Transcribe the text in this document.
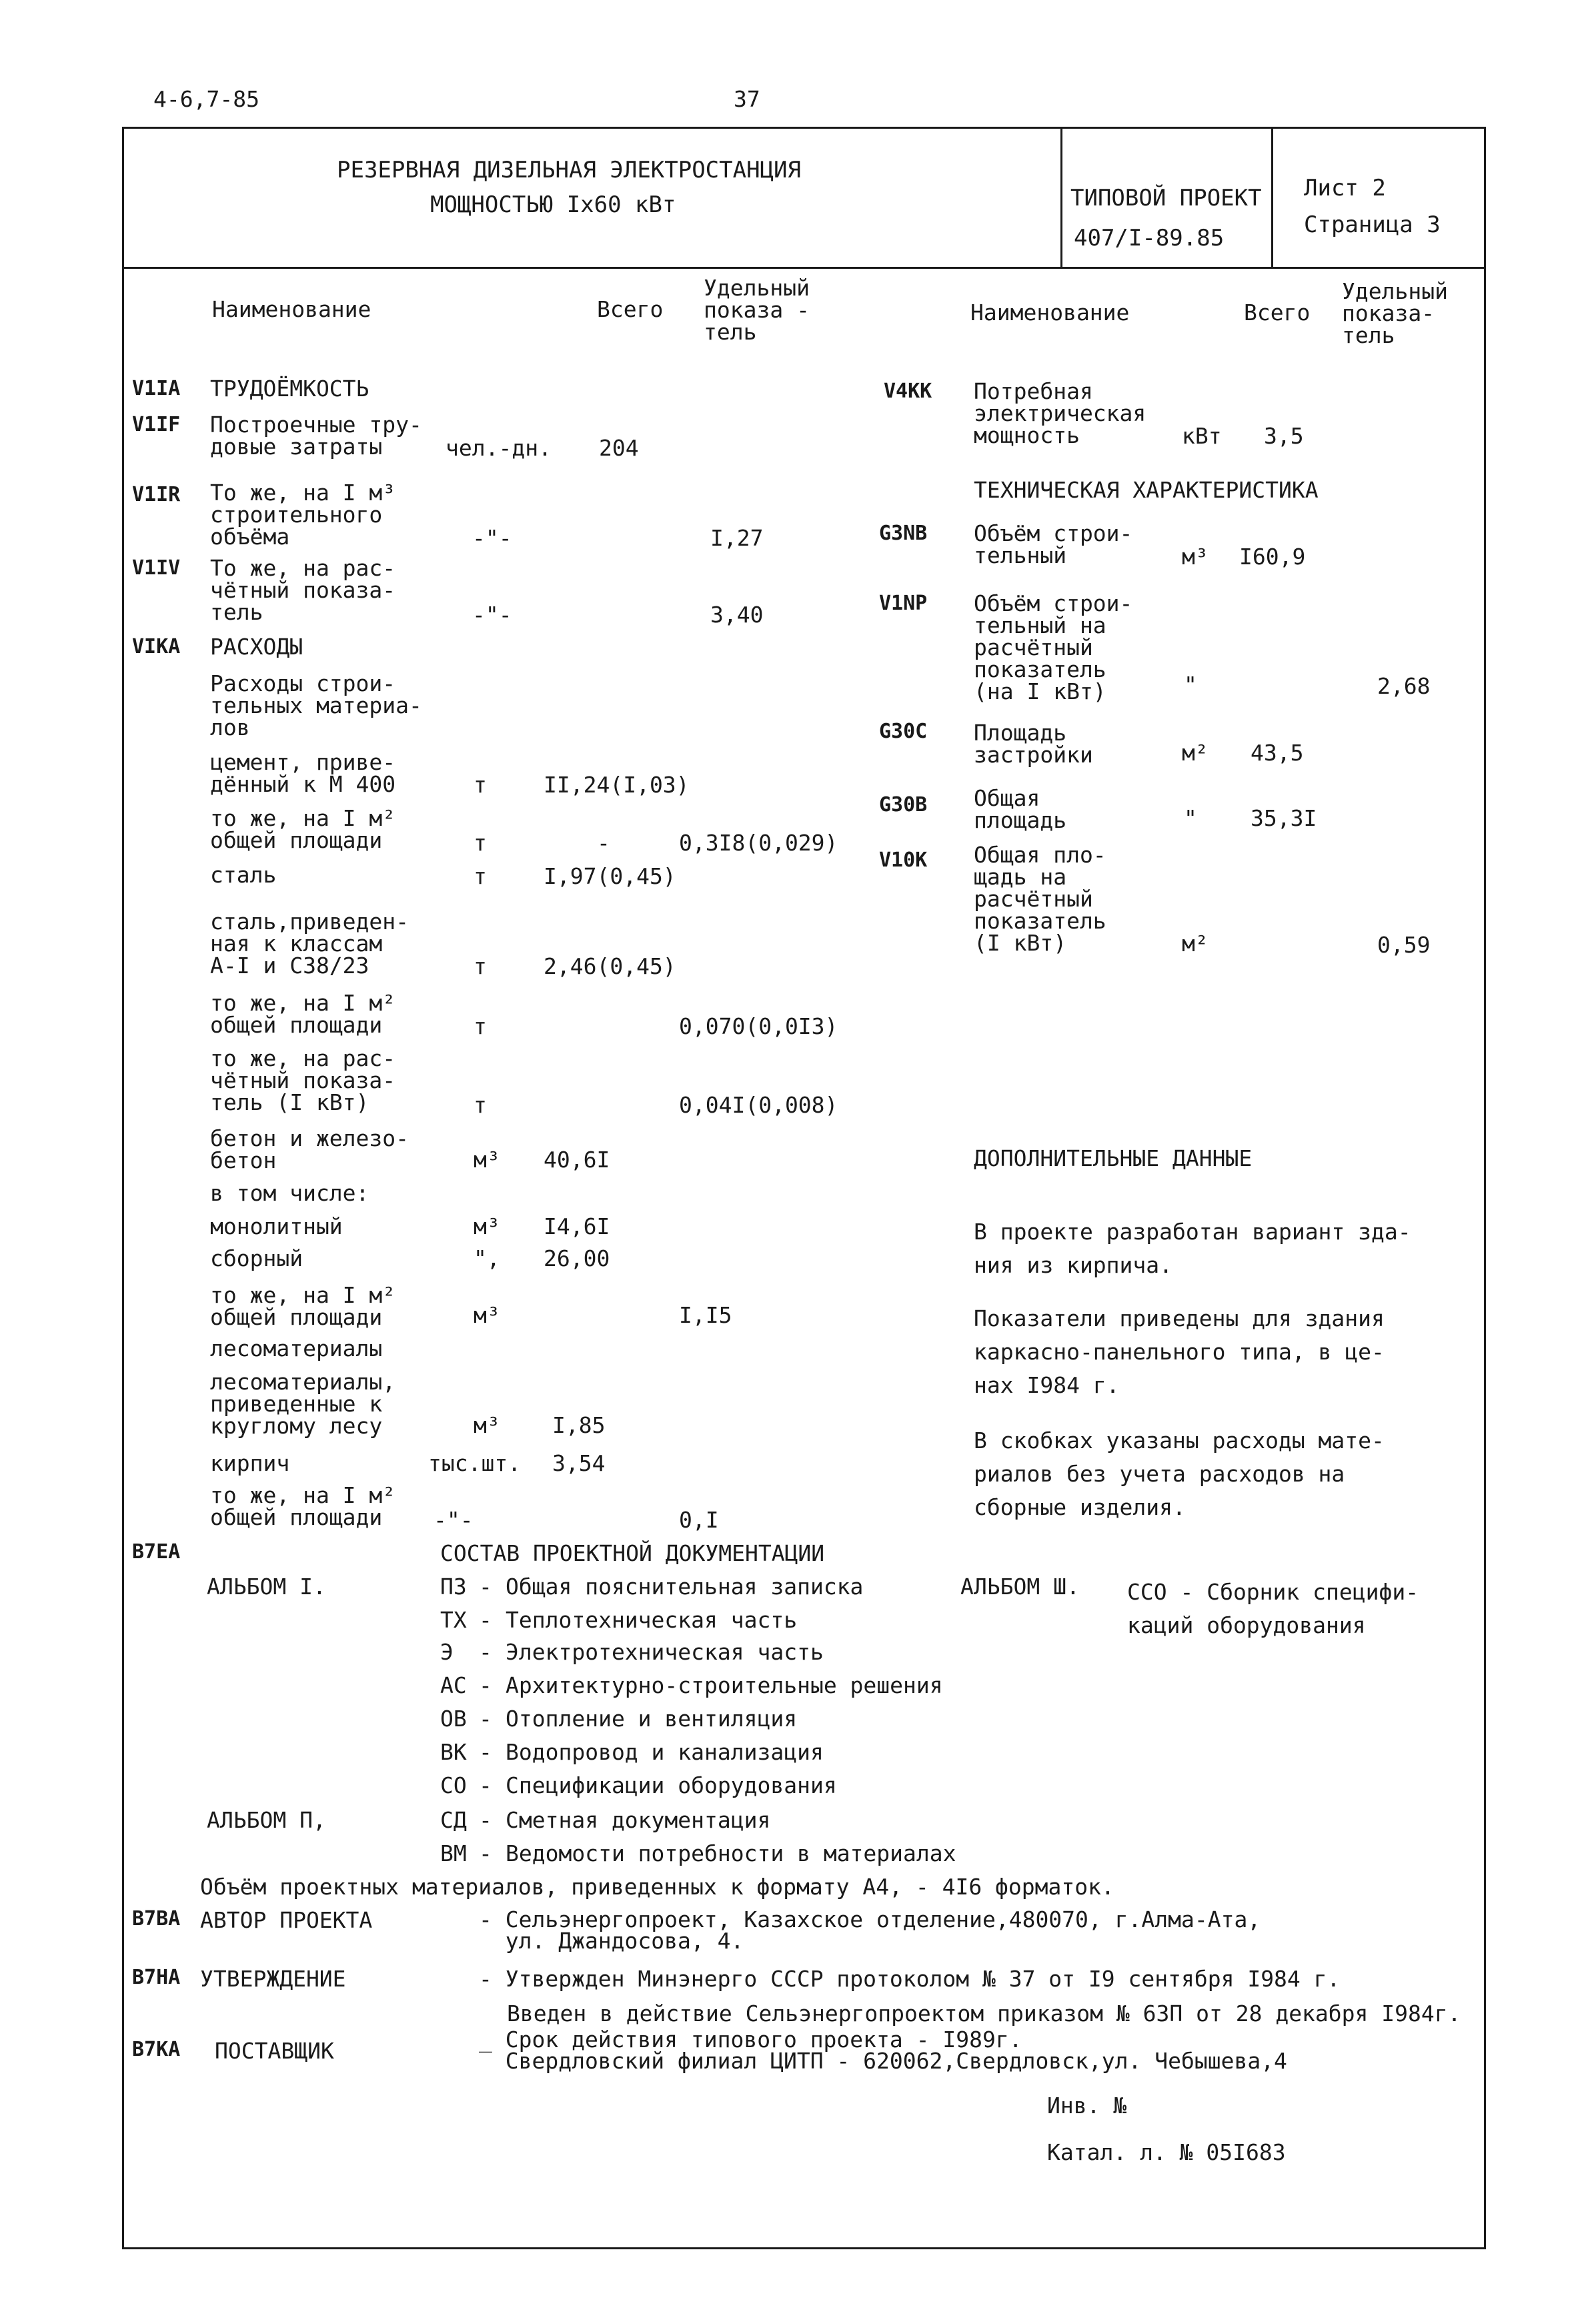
4-6,7-85	37
РЕЗЕРВНАЯ ДИЗЕЛЬНАЯ ЭЛЕКТРОСТАНЦИЯ
МОЩНОСТЬЮ Iх60 кВт	ТИПОВОЙ ПРОЕКТ
407/I-89.85
Лист 2
Страница 3
Наименование	Всего
Удельный
показа -
тель
Наименование	Всего
Удельный
показа-
тель
V1IA ТРУДОЁМКОСТЬ
V1IF Построечные тру-
довые затраты	чел.-дн. 204
V1IR То же, на I м³
строительного
объёма	-"-	I,27
V1IV То же, на рас-
чётный показа-
тель	-"-	3,40
VIKA РАСХОДЫ
Расходы строи-
тельных материа-
лов
цемент, приве-
дённый к М 400	т	II,24(I,03)
то же, на I м²
общей площади	т	-	0,3I8(0,029)
сталь	т	I,97(0,45)
сталь,приведен-
ная к классам
А-I и С38/23	т	2,46(0,45)
то же, на I м²
общей площади	т	0,070(0,0I3)
то же, на рас-
чётный показа-
тель (I кВт)	т	0,04I(0,008)
бетон и железо-
бетон	м³ 40,6I
в том числе:
монолитный	м³ I4,6I
сборный	", 26,00
то же, на I м²
общей площади	м³	I,I5
лесоматериалы
лесоматериалы,
приведенные к
круглому лесу	м³ I,85
кирпич	тыс.шт. 3,54
то же, на I м²
общей площади	-"-	0,I
V4KK Потребная
электрическая
мощность	кВт 3,5
ТЕХНИЧЕСКАЯ ХАРАКТЕРИСТИКА
G3NB Объём строи-
тельный	м³ I60,9
V1NP Объём строи-
тельный на
расчётный
показатель
(на I кВт)	"	2,68
G30C Площадь
застройки	м² 43,5
G30B Общая
площадь	" 35,3I
V10K Общая пло-
щадь на
расчётный
показатель
(I кВт)	м²	0,59
ДОПОЛНИТЕЛЬНЫЕ ДАННЫЕ
В проекте разработан вариант зда-
ния из кирпича.
Показатели приведены для здания
каркасно-панельного типа, в це-
нах I984 г.
В скобках указаны расходы мате-
риалов без учета расходов на
сборные изделия.
B7EA	СОСТАВ ПРОЕКТНОЙ ДОКУМЕНТАЦИИ
АЛЬБОМ I.
АЛЬБОМ П,
АЛЬБОМ Ш. ССО - Сборник специфи-
каций оборудования
ПЗ - Общая пояснительная записка
ТХ - Теплотехническая часть
Э - Электротехническая часть
АС - Архитектурно-строительные решения
ОВ - Отопление и вентиляция
ВК - Водопровод и канализация
СО - Спецификации оборудования
СД - Сметная документация
ВМ - Ведомости потребности в материалах
Объём проектных материалов, приведенных к формату А4, - 4I6 форматок.
B7BA АВТОР ПРОЕКТА	- Сельэнергопроект, Казахское отделение,480070, г.Алма-Ата,
ул. Джандосова, 4.
B7HA УТВЕРЖДЕНИЕ	- Утвержден Минэнерго СССР протоколом № 37 от I9 сентября I984 г.
Введен в действие Сельэнергопроектом приказом № 63П от 28 декабря I984г.
B7KA ПОСТАВЩИК	_ Срок действия типового проекта - I989г.
Свердловский филиал ЦИТП - 620062,Свердловск,ул. Чебышева,4
Инв. №
Катал. л. № 05I683
